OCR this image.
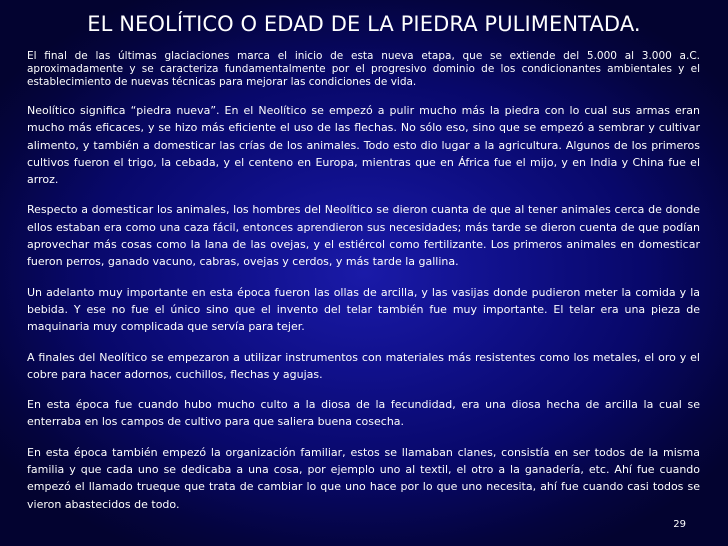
EL NEOLÍTICO O EDAD DE LA PIEDRA PULIMENTADA.

El final de las últimas glaciaciones marca el inicio de esta nueva etapa, que se extiende del 5.000 al 3.000 a.C. aproximadamente y se caracteriza fundamentalmente por el progresivo dominio de los condicionantes ambientales y el establecimiento de nuevas técnicas para mejorar las condiciones de vida.

Neolítico significa “piedra nueva”. En el Neolítico se empezó a pulir mucho más la piedra con lo cual sus armas eran mucho más eficaces, y se hizo más eficiente el uso de las flechas. No sólo eso, sino que se empezó a sembrar y cultivar alimento, y también a domesticar las crías de los animales. Todo esto dio lugar a la agricultura. Algunos de los primeros cultivos fueron el trigo, la cebada, y el centeno en Europa, mientras que en África fue el mijo, y en India y China fue el arroz.

Respecto a domesticar los animales, los hombres del Neolítico se dieron cuanta de que al tener animales cerca de donde ellos estaban era como una caza fácil, entonces aprendieron sus necesidades; más tarde se dieron cuenta de que podían aprovechar más cosas como la lana de las ovejas, y el estiércol como fertilizante. Los primeros animales en domesticar fueron perros, ganado vacuno, cabras, ovejas y cerdos, y más tarde la gallina.

Un adelanto muy importante en esta época fueron las ollas de arcilla, y las vasijas donde pudieron meter la comida y la bebida. Y ese no fue el único sino que el invento del telar también fue muy importante. El telar era una pieza de maquinaria muy complicada que servía para tejer.

A finales del Neolítico se empezaron a utilizar instrumentos con materiales más resistentes como los metales, el oro y el cobre para hacer adornos, cuchillos, flechas y agujas.

En esta época fue cuando hubo mucho culto a la diosa de la fecundidad, era una diosa hecha de arcilla la cual se enterraba en los campos de cultivo para que saliera buena cosecha.

En esta época también empezó la organización familiar, estos se llamaban clanes, consistía en ser todos de la misma familia y que cada uno se dedicaba a una cosa, por ejemplo uno al textil, el otro a la ganadería, etc. Ahí fue cuando empezó el llamado trueque que trata de cambiar lo que uno hace por lo que uno necesita, ahí fue cuando casi todos se vieron abastecidos de todo.

29
